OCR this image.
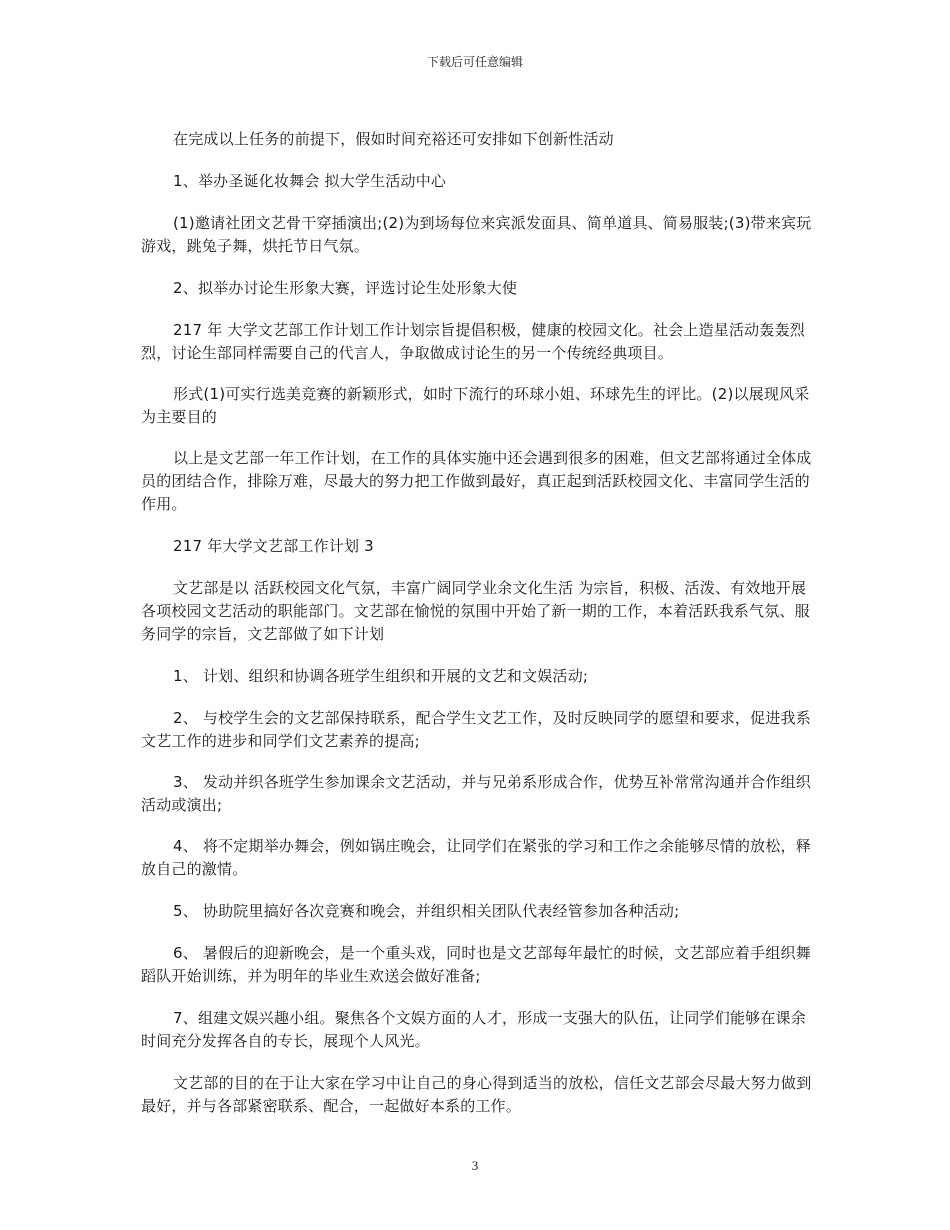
下载后可任意编辑

在完成以上任务的前提下，假如时间充裕还可安排如下创新性活动

1、举办圣诞化妆舞会 拟大学生活动中心

(1)邀请社团文艺骨干穿插演出;(2)为到场每位来宾派发面具、简单道具、简易服装;(3)带来宾玩游戏，跳兔子舞，烘托节日气氛。

2、拟举办讨论生形象大赛，评选讨论生处形象大使

217 年 大学文艺部工作计划工作计划宗旨提倡积极，健康的校园文化。社会上造星活动轰轰烈烈，讨论生部同样需要自己的代言人，争取做成讨论生的另一个传统经典项目。

形式(1)可实行选美竞赛的新颖形式，如时下流行的环球小姐、环球先生的评比。(2)以展现风采为主要目的

以上是文艺部一年工作计划，在工作的具体实施中还会遇到很多的困难，但文艺部将通过全体成员的团结合作，排除万难，尽最大的努力把工作做到最好，真正起到活跃校园文化、丰富同学生活的作用。

217 年大学文艺部工作计划 3

文艺部是以 活跃校园文化气氛，丰富广阔同学业余文化生活 为宗旨，积极、活泼、有效地开展各项校园文艺活动的职能部门。文艺部在愉悦的氛围中开始了新一期的工作，本着活跃我系气氛、服务同学的宗旨，文艺部做了如下计划

1、 计划、组织和协调各班学生组织和开展的文艺和文娱活动;

2、 与校学生会的文艺部保持联系，配合学生文艺工作，及时反映同学的愿望和要求，促进我系文艺工作的进步和同学们文艺素养的提高;

3、 发动并织各班学生参加课余文艺活动，并与兄弟系形成合作，优势互补常常沟通并合作组织活动或演出;

4、 将不定期举办舞会，例如锅庄晚会，让同学们在紧张的学习和工作之余能够尽情的放松，释放自己的激情。

5、 协助院里搞好各次竞赛和晚会，并组织相关团队代表经管参加各种活动;

6、 暑假后的迎新晚会，是一个重头戏，同时也是文艺部每年最忙的时候，文艺部应着手组织舞蹈队开始训练，并为明年的毕业生欢送会做好准备;

7、组建文娱兴趣小组。聚焦各个文娱方面的人才，形成一支强大的队伍，让同学们能够在课余时间充分发挥各自的专长，展现个人风光。

文艺部的目的在于让大家在学习中让自己的身心得到适当的放松，信任文艺部会尽最大努力做到最好，并与各部紧密联系、配合，一起做好本系的工作。

3
